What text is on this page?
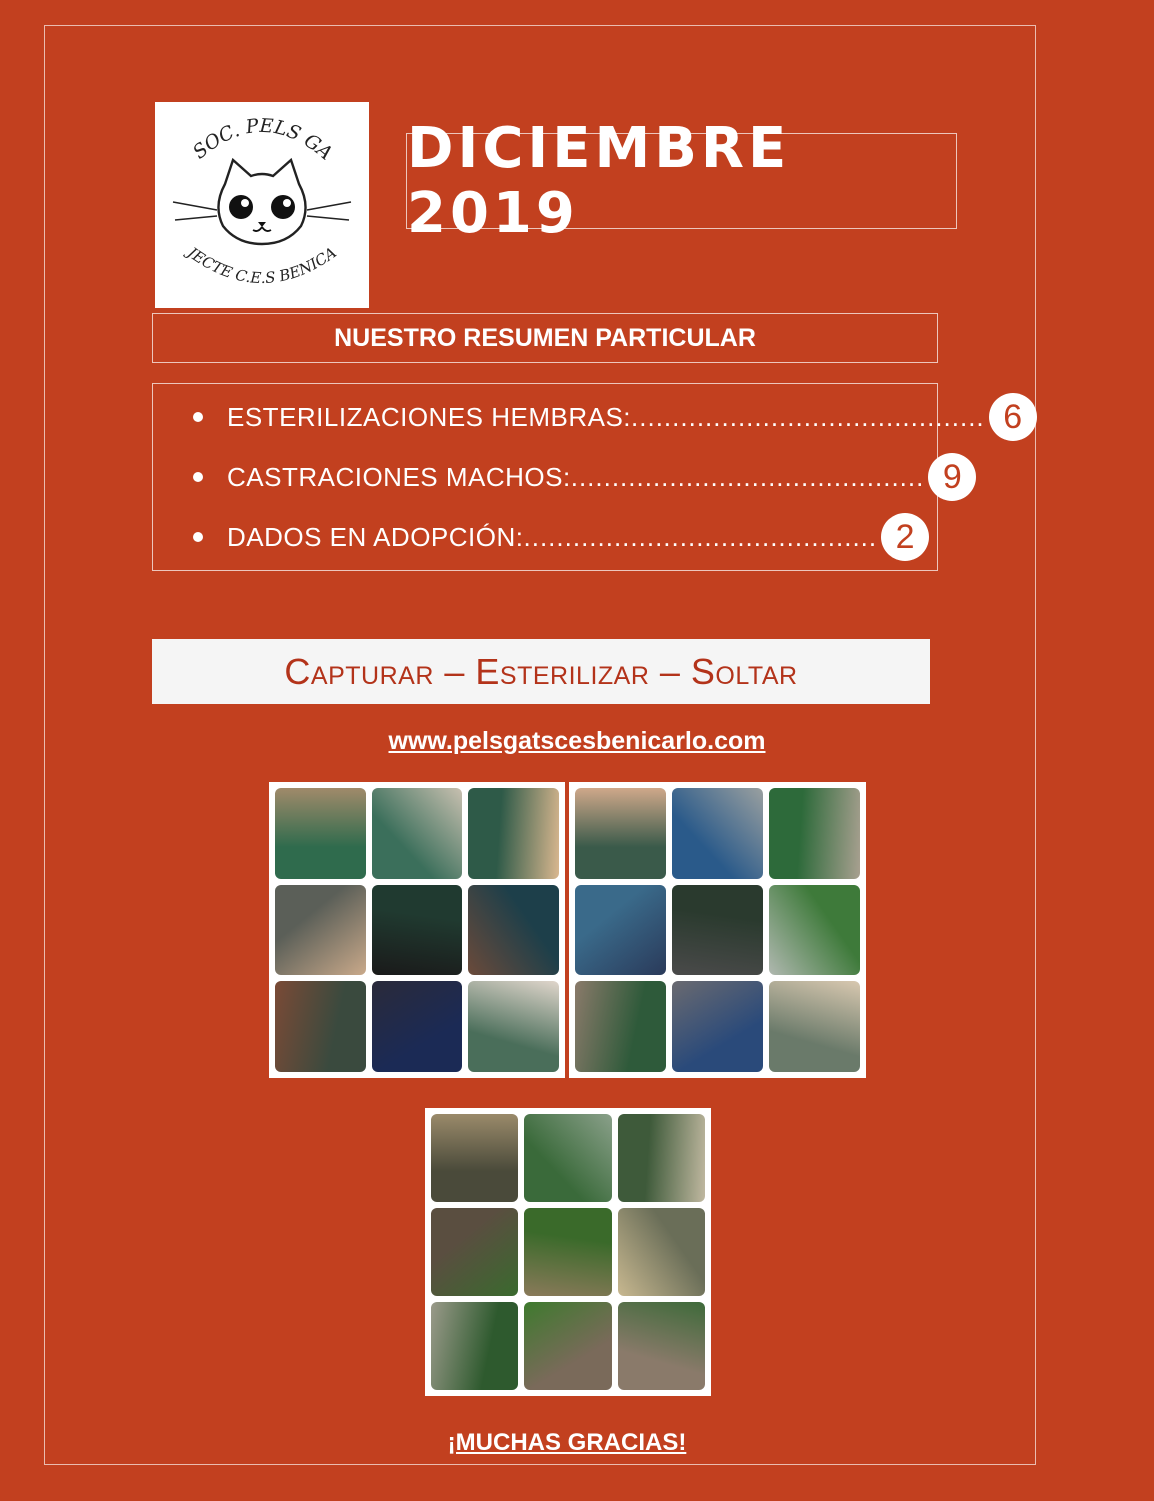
SOC. PELS GA
JECTE C.E.S BENICA
DICIEMBRE 2019
NUESTRO RESUMEN PARTICULAR
ESTERILIZACIONES HEMBRAS: ........................................... 6
CASTRACIONES MACHOS: ........................................... 9
DADOS EN ADOPCIÓN: ........................................... 2
Capturar – Esterilizar – Soltar
www.pelsgatscesbenicarlo.com
¡MUCHAS GRACIAS!
